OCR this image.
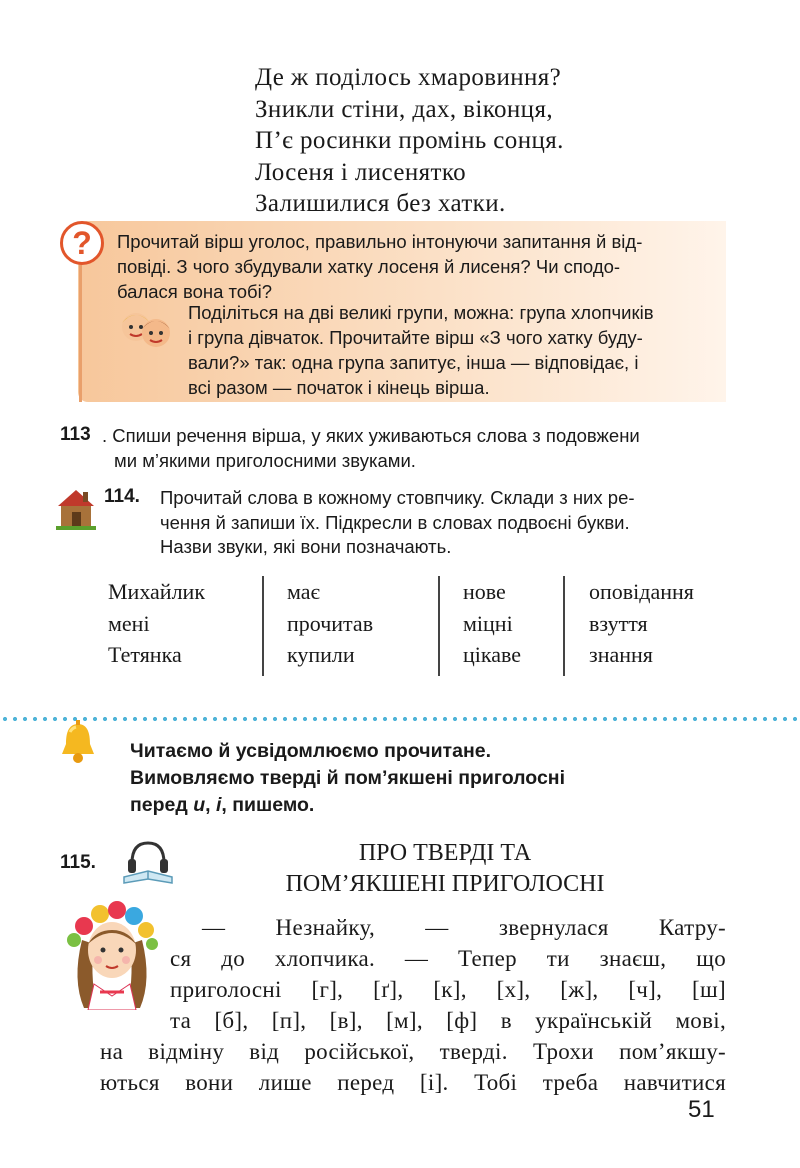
Де ж поділось хмаровиння?
Зникли стіни, дах, віконця,
П’є росинки промінь сонця.
Лосеня і лисенятко
Залишилися без хатки.
?	Прочитай вірш уголос, правильно інтонуючи запитання й від-
повіді. З чого збудували хатку лосеня й лисеня? Чи сподо-
балася вона тобі?
Поділіться на дві великі групи, можна: група хлопчиків
і група дівчаток. Прочитайте вірш «З чого хатку буду-
вали?» так: одна група запитує, інша — відповідає, і
всі разом — початок і кінець вірша.
113 . Спиши речення вірша, у яких уживаються слова з подовжени
ми м’якими приголосними звуками.
114. Прочитай слова в кожному стовпчику. Склади з них ре-
чення й запиши їх. Підкресли в словах подвоєні букви.
Назви звуки, які вони позначають.
Михайлик
мені
Тетянка
має
прочитав
купили
нове
міцні
цікаве
оповідання
взуття
знання
Читаємо й усвідомлюємо прочитане.
Вимовляємо тверді й пом’якшені приголосні
перед и, і, пишемо.
115.	ПРО ТВЕРДІ ТА
ПОМ’ЯКШЕНІ ПРИГОЛОСНІ
— Незнайку, — звернулася Катру-
ся до хлопчика. — Тепер ти знаєш, що
приголосні [г], [ґ], [к], [х], [ж], [ч], [ш]
та [б], [п], [в], [м], [ф] в українській мові,
на відміну від російської, тверді. Трохи пом’якшу-
ються вони лише перед [і]. Тобі треба навчитися
51
